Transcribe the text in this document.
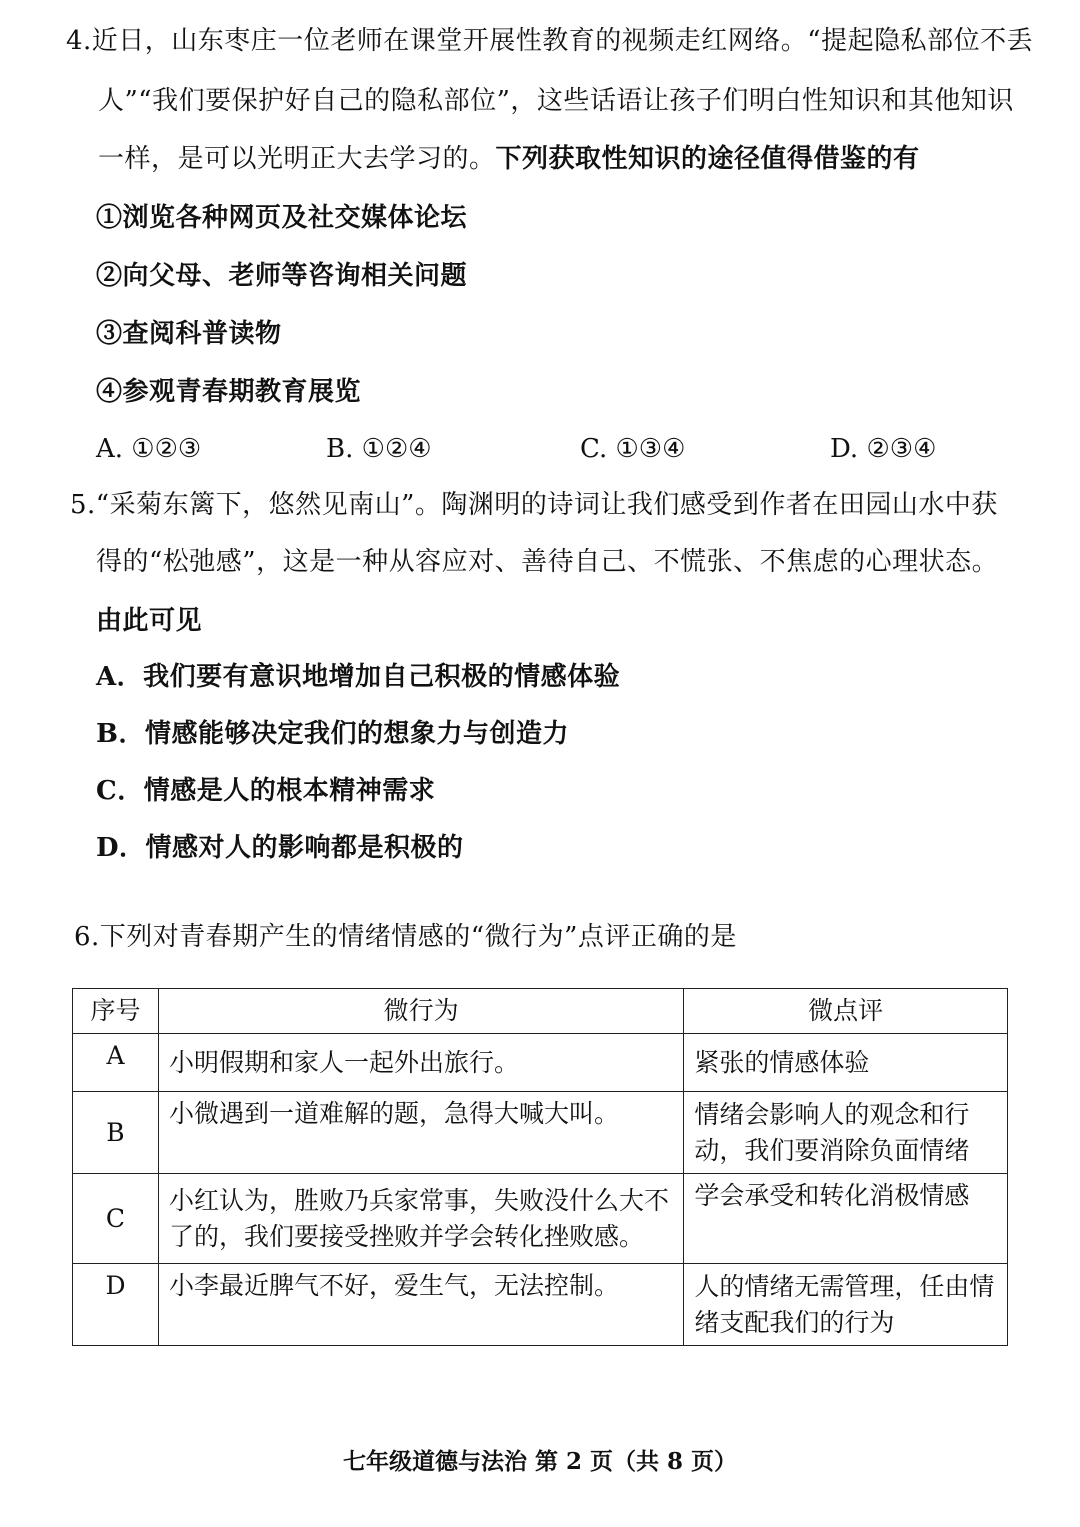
4.近日，山东枣庄一位老师在课堂开展性教育的视频走红网络。“提起隐私部位不丢
人”“我们要保护好自己的隐私部位”，这些话语让孩子们明白性知识和其他知识
一样，是可以光明正大去学习的。下列获取性知识的途径值得借鉴的有
①浏览各种网页及社交媒体论坛
②向父母、老师等咨询相关问题
③查阅科普读物
④参观青春期教育展览
A. ①②③	B. ①②④	C. ①③④	D. ②③④
5.“采菊东篱下，悠然见南山”。陶渊明的诗词让我们感受到作者在田园山水中获
得的“松弛感”，这是一种从容应对、善待自己、不慌张、不焦虑的心理状态。
由此可见
A．我们要有意识地增加自己积极的情感体验
B．情感能够决定我们的想象力与创造力
C．情感是人的根本精神需求
D．情感对人的影响都是积极的
6.下列对青春期产生的情绪情感的“微行为”点评正确的是
序号	微行为	微点评
A	小明假期和家人一起外出旅行。	紧张的情感体验
B	小微遇到一道难解的题，急得大喊大叫。	情绪会影响人的观念和行动，我们要消除负面情绪
C	小红认为，胜败乃兵家常事，失败没什么大不了的，我们要接受挫败并学会转化挫败感。	学会承受和转化消极情感
D	小李最近脾气不好，爱生气，无法控制。	人的情绪无需管理，任由情绪支配我们的行为
七年级道德与法治 第 2 页（共 8 页）
